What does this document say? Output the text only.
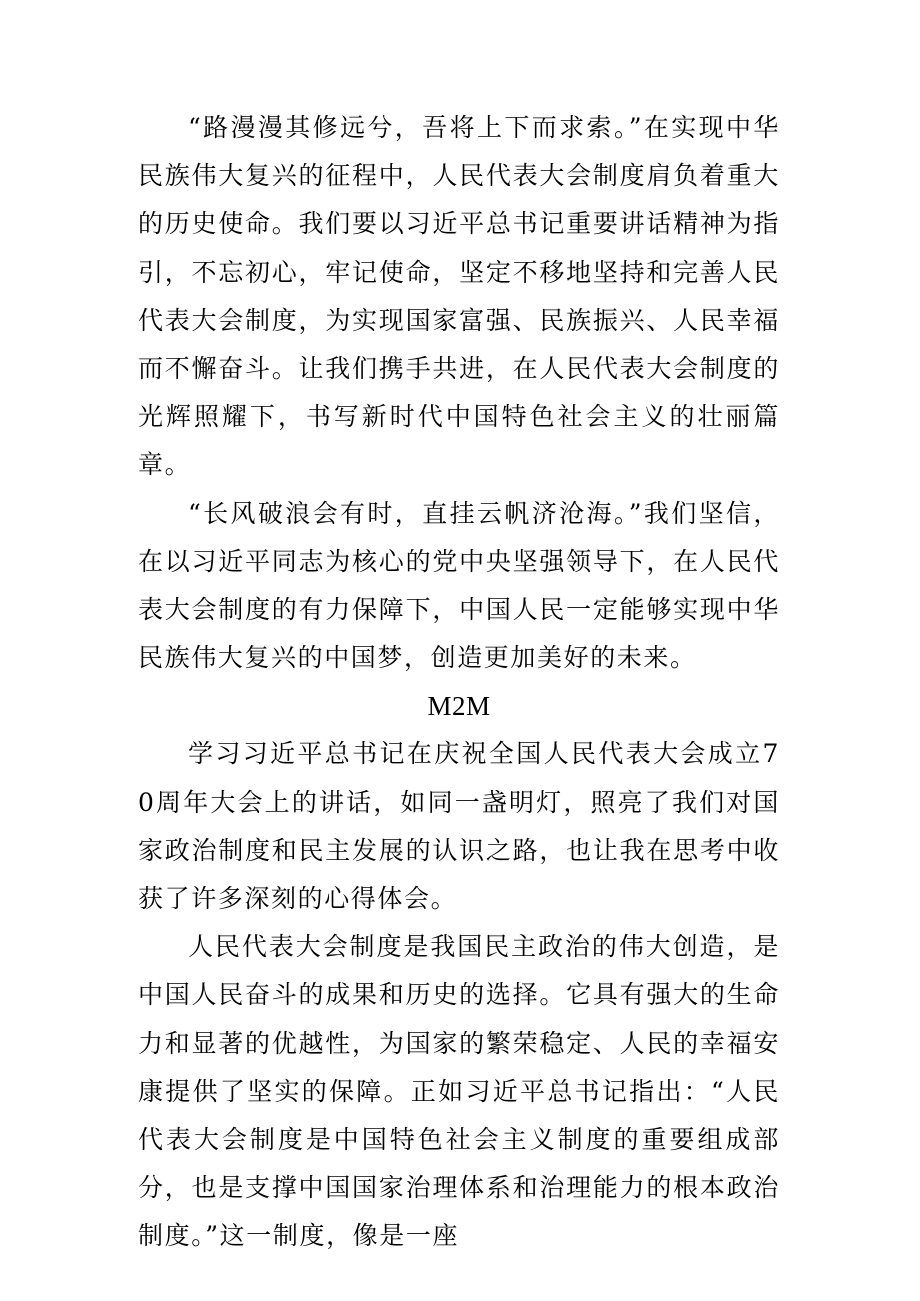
“路漫漫其修远兮，吾将上下而求索。”在实现中华民族伟大复兴的征程中，人民代表大会制度肩负着重大的历史使命。我们要以习近平总书记重要讲话精神为指引，不忘初心，牢记使命，坚定不移地坚持和完善人民代表大会制度，为实现国家富强、民族振兴、人民幸福而不懈奋斗。让我们携手共进，在人民代表大会制度的光辉照耀下，书写新时代中国特色社会主义的壮丽篇章。

“长风破浪会有时，直挂云帆济沧海。”我们坚信，在以习近平同志为核心的党中央坚强领导下，在人民代表大会制度的有力保障下，中国人民一定能够实现中华民族伟大复兴的中国梦，创造更加美好的未来。

M2M

学习习近平总书记在庆祝全国人民代表大会成立70周年大会上的讲话，如同一盏明灯，照亮了我们对国家政治制度和民主发展的认识之路，也让我在思考中收获了许多深刻的心得体会。

人民代表大会制度是我国民主政治的伟大创造，是中国人民奋斗的成果和历史的选择。它具有强大的生命力和显著的优越性，为国家的繁荣稳定、人民的幸福安康提供了坚实的保障。正如习近平总书记指出：“人民代表大会制度是中国特色社会主义制度的重要组成部分，也是支撑中国国家治理体系和治理能力的根本政治制度。”这一制度，像是一座
